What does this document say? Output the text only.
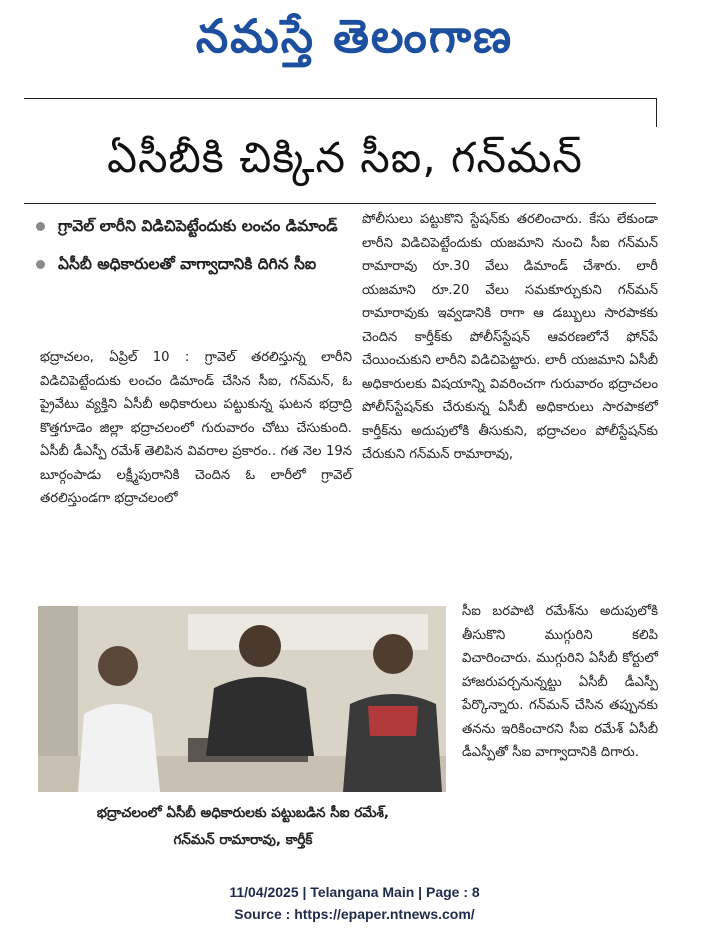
నమస్తే తెలంగాణ
ఏసీబీకి చిక్కిన సీఐ, గన్‌మన్
గ్రావెల్ లారీని విడిచిపెట్టేందుకు లంచం డిమాండ్
ఏసీబీ అధికారులతో వాగ్వాదానికి దిగిన సీఐ

భద్రాచలం, ఏప్రిల్ 10 : గ్రావెల్ తరలిస్తున్న లారీని విడిచిపెట్టేందుకు లంచం డిమాండ్ చేసిన సీఐ, గన్‌మన్, ఓ ప్రైవేటు వ్యక్తిని ఏసీబీ అధికారులు పట్టుకున్న ఘటన భద్రాద్రి కొత్తగూడెం జిల్లా భద్రాచలంలో గురువారం చోటు చేసుకుంది. ఏసీబీ డీఎస్పీ రమేశ్ తెలిపిన వివరాల ప్రకారం.. గత నెల 19న బూర్గంపాడు లక్ష్మీపురానికి చెందిన ఓ లారీలో గ్రావెల్ తరలిస్తుండగా భద్రాచలంలో

పోలీసులు పట్టుకొని స్టేషన్‌కు తరలించారు. కేసు లేకుండా లారీని విడిచిపెట్టేందుకు యజమాని నుంచి సీఐ గన్‌మన్ రామారావు రూ.30 వేలు డిమాండ్ చేశారు. లారీ యజమాని రూ.20 వేలు సమకూర్చుకుని గన్‌మన్ రామారావుకు ఇవ్వడానికి రాగా ఆ డబ్బులు సారపాకకు చెందిన కార్తీక్‌కు పోలీస్‌స్టేషన్ ఆవరణలోనే ఫోన్‌పే చేయించుకుని లారీని విడిచిపెట్టారు. లారీ యజమాని ఏసీబీ అధికారులకు విషయాన్ని వివరించగా గురువారం భద్రాచలం పోలీస్‌స్టేషన్‌కు చేరుకున్న ఏసీబీ అధికారులు సారపాకలో కార్తీక్‌ను అదుపులోకి తీసుకుని, భద్రాచలం పోలీస్టేషన్‌కు చేరుకుని గన్‌మన్ రామారావు,

సీఐ బరపాటి రమేశ్‌ను అదుపులోకి తీసుకొని ముగ్గురిని కలిపి విచారించారు. ముగ్గురిని ఏసీబీ కోర్టులో హాజరుపర్చనున్నట్టు ఏసీబీ డీఎస్పీ పేర్కొన్నారు. గన్‌మన్ చేసిన తప్పునకు తనను ఇరికించారని సీఐ రమేశ్ ఏసీబీ డీఎస్పీతో సీఐ వాగ్వాదానికి దిగారు.

భద్రాచలంలో ఏసీబీ అధికారులకు పట్టుబడిన సీఐ రమేశ్,
గన్‌మన్ రామారావు, కార్తీక్
11/04/2025 | Telangana Main | Page : 8
Source : https://epaper.ntnews.com/
